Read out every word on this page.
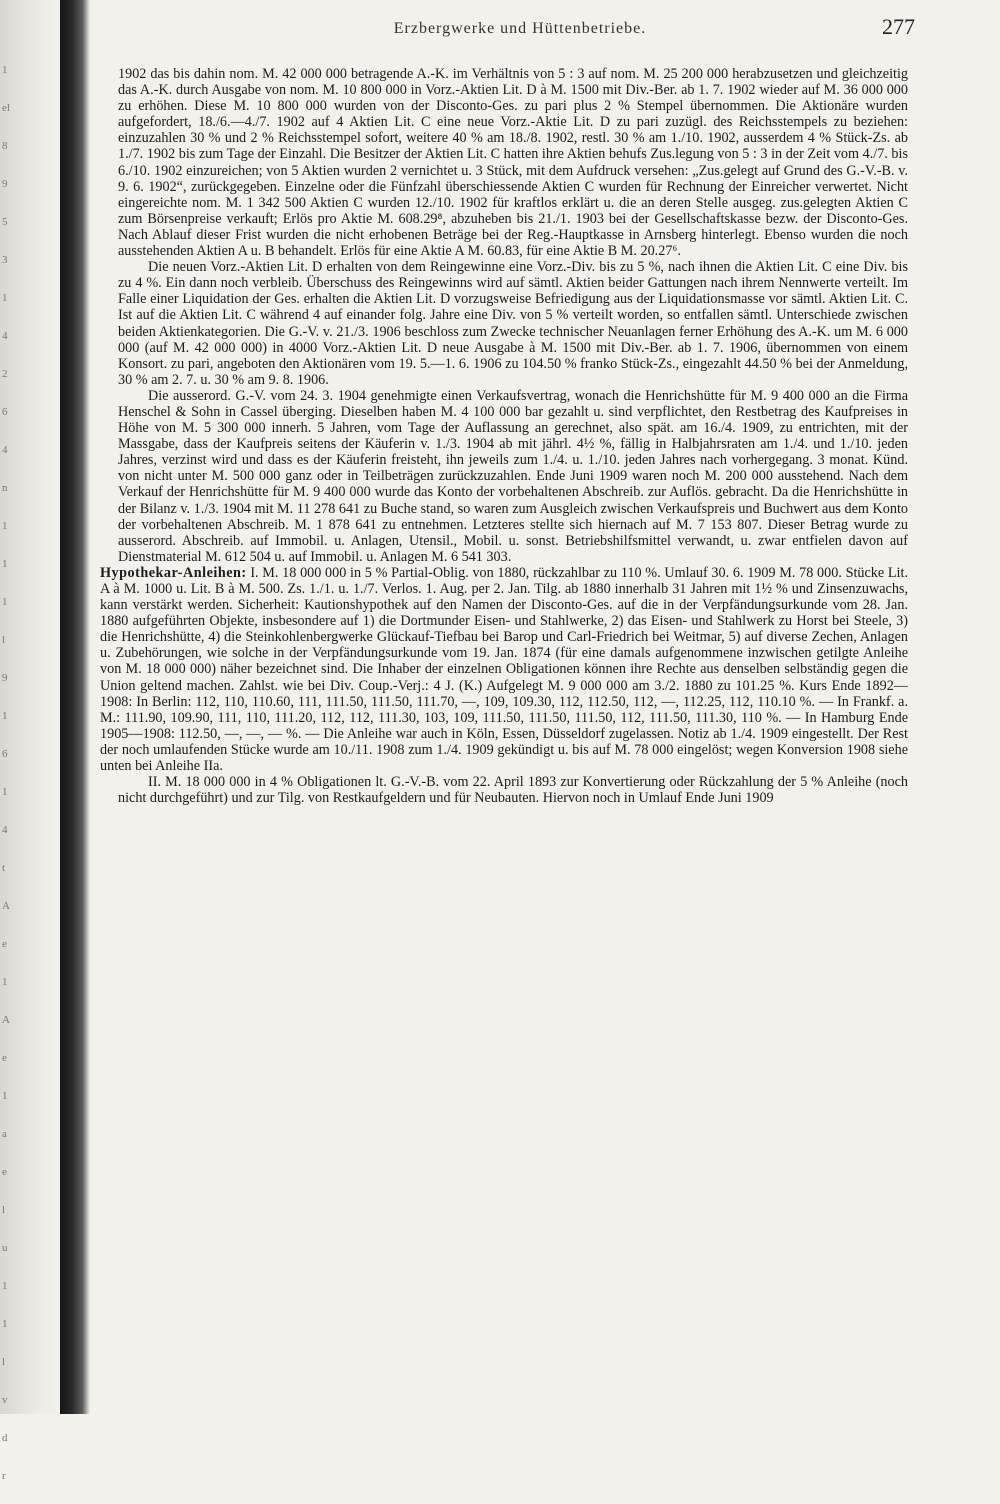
1
el
8
9
5
3
1
4
2
6
4
n
1
1
1
l
9
1
6
1
4
t
A
e
1
A
e
1
a
e
l
u
1
1
l
v
d
r
Erzbergwerke und Hüttenbetriebe.	277

1902 das bis dahin nom. M. 42 000 000 betragende A.-K. im Verhältnis von 5 : 3 auf nom. M. 25 200 000 herabzusetzen und gleichzeitig das A.-K. durch Ausgabe von nom. M. 10 800 000 in Vorz.-Aktien Lit. D à M. 1500 mit Div.-Ber. ab 1. 7. 1902 wieder auf M. 36 000 000 zu erhöhen. Diese M. 10 800 000 wurden von der Disconto-Ges. zu pari plus 2 % Stempel übernommen. Die Aktionäre wurden aufgefordert, 18./6.—4./7. 1902 auf 4 Aktien Lit. C eine neue Vorz.-Aktie Lit. D zu pari zuzügl. des Reichsstempels zu beziehen: einzuzahlen 30 % und 2 % Reichsstempel sofort, weitere 40 % am 18./8. 1902, restl. 30 % am 1./10. 1902, ausserdem 4 % Stück-Zs. ab 1./7. 1902 bis zum Tage der Einzahl. Die Besitzer der Aktien Lit. C hatten ihre Aktien behufs Zus.legung von 5 : 3 in der Zeit vom 4./7. bis 6./10. 1902 einzureichen; von 5 Aktien wurden 2 vernichtet u. 3 Stück, mit dem Aufdruck versehen: „Zus.gelegt auf Grund des G.-V.-B. v. 9. 6. 1902“, zurückgegeben. Einzelne oder die Fünfzahl überschiessende Aktien C wurden für Rechnung der Einreicher verwertet. Nicht eingereichte nom. M. 1 342 500 Aktien C wurden 12./10. 1902 für kraftlos erklärt u. die an deren Stelle ausgeg. zus.gelegten Aktien C zum Börsenpreise verkauft; Erlös pro Aktie M. 608.29⁸, abzuheben bis 21./1. 1903 bei der Gesellschaftskasse bezw. der Disconto-Ges. Nach Ablauf dieser Frist wurden die nicht erhobenen Beträge bei der Reg.-Hauptkasse in Arnsberg hinterlegt. Ebenso wurden die noch ausstehenden Aktien A u. B behandelt. Erlös für eine Aktie A M. 60.83, für eine Aktie B M. 20.27⁶.

Die neuen Vorz.-Aktien Lit. D erhalten von dem Reingewinne eine Vorz.-Div. bis zu 5 %, nach ihnen die Aktien Lit. C eine Div. bis zu 4 %. Ein dann noch verbleib. Überschuss des Reingewinns wird auf sämtl. Aktien beider Gattungen nach ihrem Nennwerte verteilt. Im Falle einer Liquidation der Ges. erhalten die Aktien Lit. D vorzugsweise Befriedigung aus der Liquidationsmasse vor sämtl. Aktien Lit. C. Ist auf die Aktien Lit. C während 4 auf einander folg. Jahre eine Div. von 5 % verteilt worden, so entfallen sämtl. Unterschiede zwischen beiden Aktienkategorien. Die G.-V. v. 21./3. 1906 beschloss zum Zwecke technischer Neuanlagen ferner Erhöhung des A.-K. um M. 6 000 000 (auf M. 42 000 000) in 4000 Vorz.-Aktien Lit. D neue Ausgabe à M. 1500 mit Div.-Ber. ab 1. 7. 1906, übernommen von einem Konsort. zu pari, angeboten den Aktionären vom 19. 5.—1. 6. 1906 zu 104.50 % franko Stück-Zs., eingezahlt 44.50 % bei der Anmeldung, 30 % am 2. 7. u. 30 % am 9. 8. 1906.

Die ausserord. G.-V. vom 24. 3. 1904 genehmigte einen Verkaufsvertrag, wonach die Henrichshütte für M. 9 400 000 an die Firma Henschel & Sohn in Cassel überging. Dieselben haben M. 4 100 000 bar gezahlt u. sind verpflichtet, den Restbetrag des Kaufpreises in Höhe von M. 5 300 000 innerh. 5 Jahren, vom Tage der Auflassung an gerechnet, also spät. am 16./4. 1909, zu entrichten, mit der Massgabe, dass der Kaufpreis seitens der Käuferin v. 1./3. 1904 ab mit jährl. 4½ %, fällig in Halbjahrsraten am 1./4. und 1./10. jeden Jahres, verzinst wird und dass es der Käuferin freisteht, ihn jeweils zum 1./4. u. 1./10. jeden Jahres nach vorhergegang. 3 monat. Künd. von nicht unter M. 500 000 ganz oder in Teilbeträgen zurückzuzahlen. Ende Juni 1909 waren noch M. 200 000 ausstehend. Nach dem Verkauf der Henrichshütte für M. 9 400 000 wurde das Konto der vorbehaltenen Abschreib. zur Auflös. gebracht. Da die Henrichshütte in der Bilanz v. 1./3. 1904 mit M. 11 278 641 zu Buche stand, so waren zum Ausgleich zwischen Verkaufspreis und Buchwert aus dem Konto der vorbehaltenen Abschreib. M. 1 878 641 zu entnehmen. Letzteres stellte sich hiernach auf M. 7 153 807. Dieser Betrag wurde zu ausserord. Abschreib. auf Immobil. u. Anlagen, Utensil., Mobil. u. sonst. Betriebshilfsmittel verwandt, u. zwar entfielen davon auf Dienstmaterial M. 612 504 u. auf Immobil. u. Anlagen M. 6 541 303.

Hypothekar-Anleihen: I. M. 18 000 000 in 5 % Partial-Oblig. von 1880, rückzahlbar zu 110 %. Umlauf 30. 6. 1909 M. 78 000. Stücke Lit. A à M. 1000 u. Lit. B à M. 500. Zs. 1./1. u. 1./7. Verlos. 1. Aug. per 2. Jan. Tilg. ab 1880 innerhalb 31 Jahren mit 1½ % und Zinsenzuwachs, kann verstärkt werden. Sicherheit: Kautionshypothek auf den Namen der Disconto-Ges. auf die in der Verpfändungsurkunde vom 28. Jan. 1880 aufgeführten Objekte, insbesondere auf 1) die Dortmunder Eisen- und Stahlwerke, 2) das Eisen- und Stahlwerk zu Horst bei Steele, 3) die Henrichshütte, 4) die Steinkohlenbergwerke Glückauf-Tiefbau bei Barop und Carl-Friedrich bei Weitmar, 5) auf diverse Zechen, Anlagen u. Zubehörungen, wie solche in der Verpfändungsurkunde vom 19. Jan. 1874 (für eine damals aufgenommene inzwischen getilgte Anleihe von M. 18 000 000) näher bezeichnet sind. Die Inhaber der einzelnen Obligationen können ihre Rechte aus denselben selbständig gegen die Union geltend machen. Zahlst. wie bei Div. Coup.-Verj.: 4 J. (K.) Aufgelegt M. 9 000 000 am 3./2. 1880 zu 101.25 %. Kurs Ende 1892—1908: In Berlin: 112, 110, 110.60, 111, 111.50, 111.50, 111.70, —, 109, 109.30, 112, 112.50, 112, —, 112.25, 112, 110.10 %. — In Frankf. a. M.: 111.90, 109.90, 111, 110, 111.20, 112, 112, 111.30, 103, 109, 111.50, 111.50, 111.50, 112, 111.50, 111.30, 110 %. — In Hamburg Ende 1905—1908: 112.50, —, —, — %. — Die Anleihe war auch in Köln, Essen, Düsseldorf zugelassen. Notiz ab 1./4. 1909 eingestellt. Der Rest der noch umlaufenden Stücke wurde am 10./11. 1908 zum 1./4. 1909 gekündigt u. bis auf M. 78 000 eingelöst; wegen Konversion 1908 siehe unten bei Anleihe IIa.

II. M. 18 000 000 in 4 % Obligationen lt. G.-V.-B. vom 22. April 1893 zur Konvertierung oder Rückzahlung der 5 % Anleihe (noch nicht durchgeführt) und zur Tilg. von Restkaufgeldern und für Neubauten. Hiervon noch in Umlauf Ende Juni 1909
